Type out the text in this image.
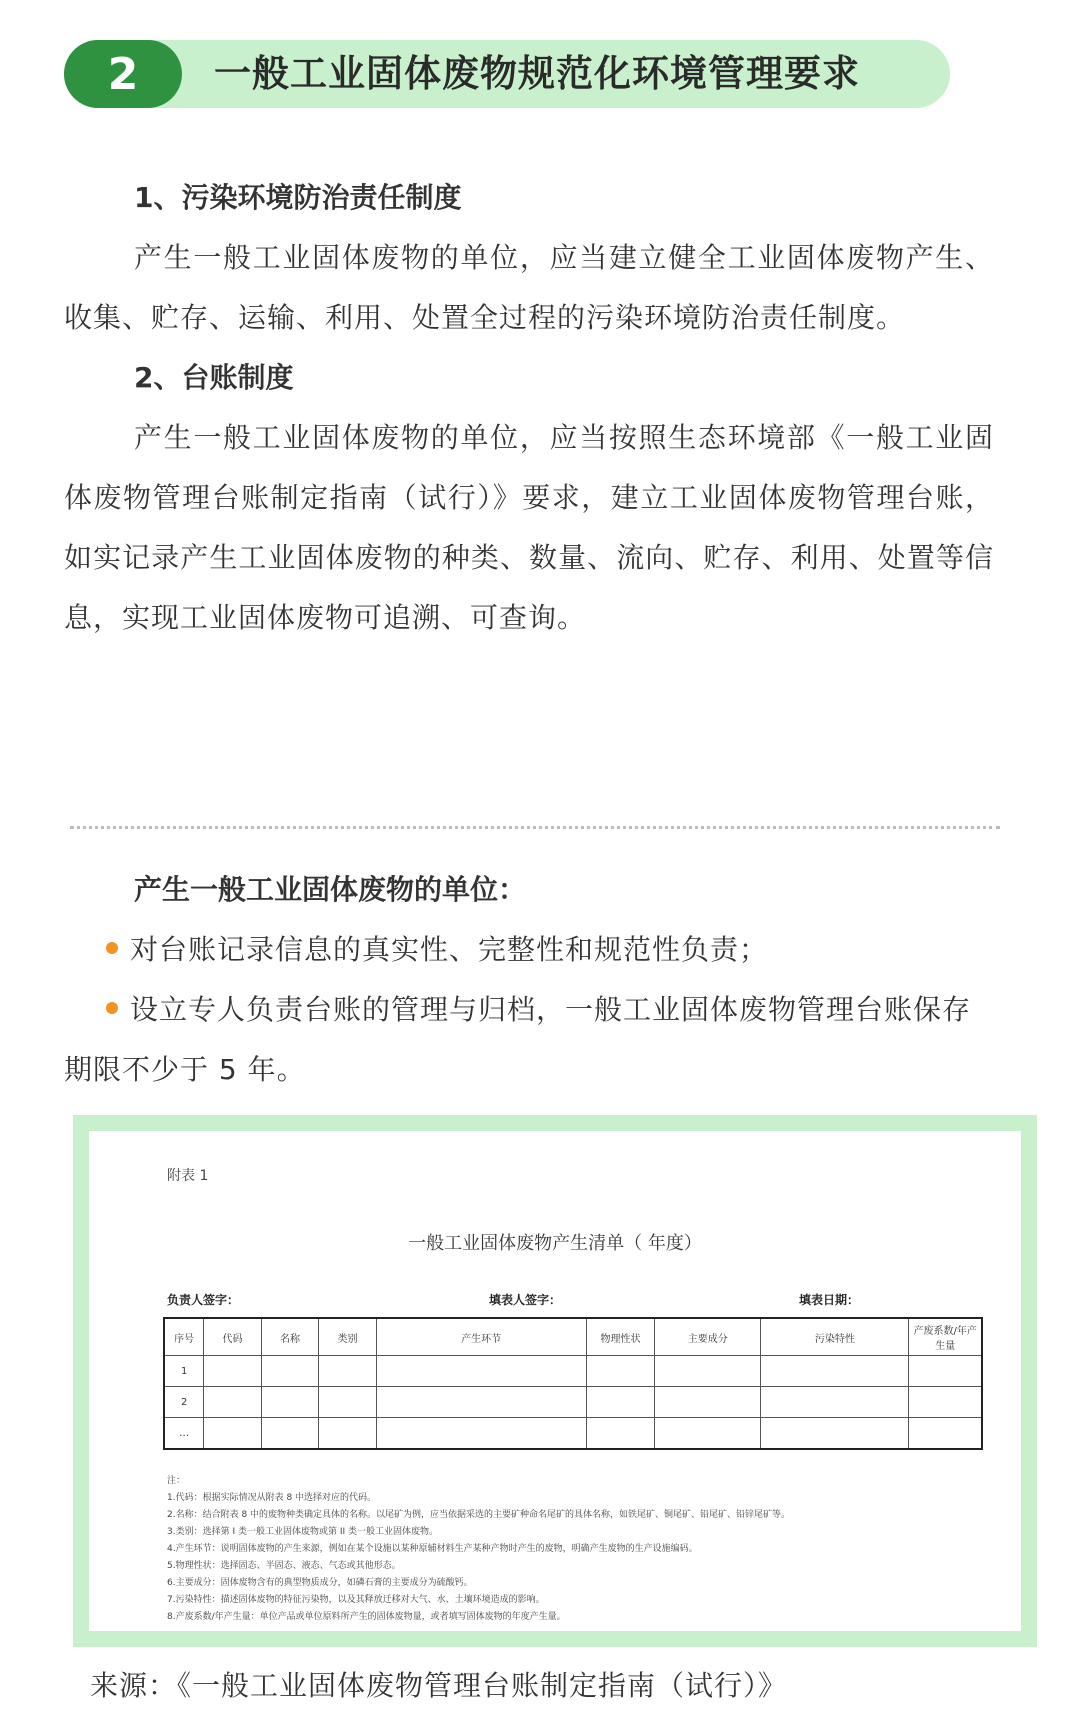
2	一般工业固体废物规范化环境管理要求

1、污染环境防治责任制度

产生一般工业固体废物的单位，应当建立健全工业固体废物产生、收集、贮存、运输、利用、处置全过程的污染环境防治责任制度。

2、台账制度

产生一般工业固体废物的单位，应当按照生态环境部《一般工业固体废物管理台账制定指南（试行）》要求，建立工业固体废物管理台账，如实记录产生工业固体废物的种类、数量、流向、贮存、利用、处置等信息，实现工业固体废物可追溯、可查询。

产生一般工业固体废物的单位：

对台账记录信息的真实性、完整性和规范性负责；

设立专人负责台账的管理与归档，一般工业固体废物管理台账保存期限不少于 5 年。

附表 1
一般工业固体废物产生清单（ 年度）
负责人签字：	填表人签字：	填表日期：
序号	代码	名称	类别	产生环节	物理性状	主要成分	污染特性	产废系数/年产生量
1								
2								
…								
注：
1.代码：根据实际情况从附表 8 中选择对应的代码。
2.名称：结合附表 8 中的废物种类确定具体的名称。以尾矿为例，应当依据采选的主要矿种命名尾矿的具体名称，如铁尾矿、铜尾矿、铅尾矿、铅锌尾矿等。
3.类别：选择第 I 类一般工业固体废物或第 II 类一般工业固体废物。
4.产生环节：说明固体废物的产生来源，例如在某个设施以某种原辅材料生产某种产物时产生的废物，明确产生废物的生产设施编码。
5.物理性状：选择固态、半固态、液态、气态或其他形态。
6.主要成分：固体废物含有的典型物质成分，如磷石膏的主要成分为硫酸钙。
7.污染特性：描述固体废物的特征污染物，以及其释放迁移对大气、水、土壤环境造成的影响。
8.产废系数/年产生量：单位产品或单位原料所产生的固体废物量，或者填写固体废物的年度产生量。
来源：《一般工业固体废物管理台账制定指南（试行）》
